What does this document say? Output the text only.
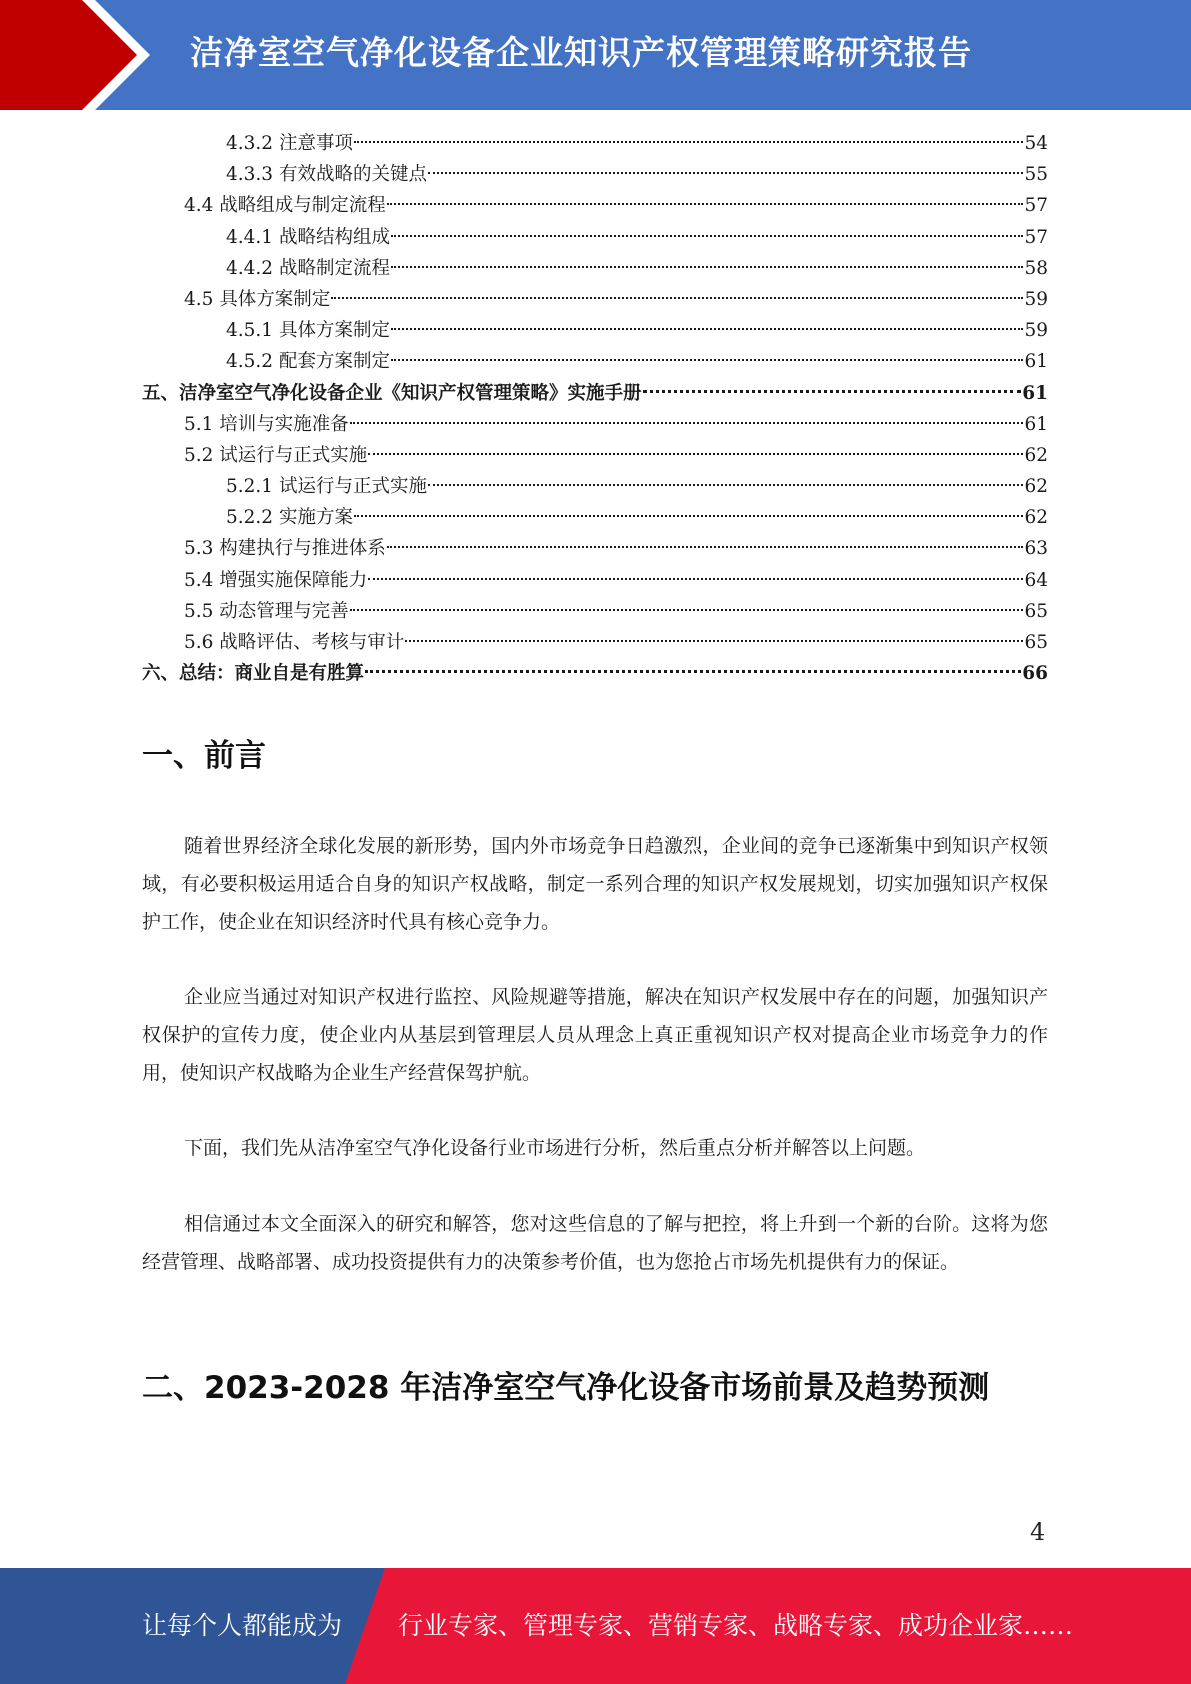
洁净室空气净化设备企业知识产权管理策略研究报告
4.3.2 注意事项	54
4.3.3 有效战略的关键点	55
4.4 战略组成与制定流程	57
4.4.1 战略结构组成	57
4.4.2 战略制定流程	58
4.5 具体方案制定	59
4.5.1 具体方案制定	59
4.5.2 配套方案制定	61
五、洁净室空气净化设备企业《知识产权管理策略》实施手册	61
5.1 培训与实施准备	61
5.2 试运行与正式实施	62
5.2.1 试运行与正式实施	62
5.2.2 实施方案	62
5.3 构建执行与推进体系	63
5.4 增强实施保障能力	64
5.5 动态管理与完善	65
5.6 战略评估、考核与审计	65
六、总结：商业自是有胜算	66
一、前言

随着世界经济全球化发展的新形势，国内外市场竞争日趋激烈，企业间的竞争已逐渐集中到知识产权领域，有必要积极运用适合自身的知识产权战略，制定一系列合理的知识产权发展规划，切实加强知识产权保护工作，使企业在知识经济时代具有核心竞争力。

企业应当通过对知识产权进行监控、风险规避等措施，解决在知识产权发展中存在的问题，加强知识产权保护的宣传力度，使企业内从基层到管理层人员从理念上真正重视知识产权对提高企业市场竞争力的作用，使知识产权战略为企业生产经营保驾护航。

下面，我们先从洁净室空气净化设备行业市场进行分析，然后重点分析并解答以上问题。

相信通过本文全面深入的研究和解答，您对这些信息的了解与把控，将上升到一个新的台阶。这将为您经营管理、战略部署、成功投资提供有力的决策参考价值，也为您抢占市场先机提供有力的保证。

二、2023-2028 年洁净室空气净化设备市场前景及趋势预测
4
让每个人都能成为 行业专家、管理专家、营销专家、战略专家、成功企业家……
